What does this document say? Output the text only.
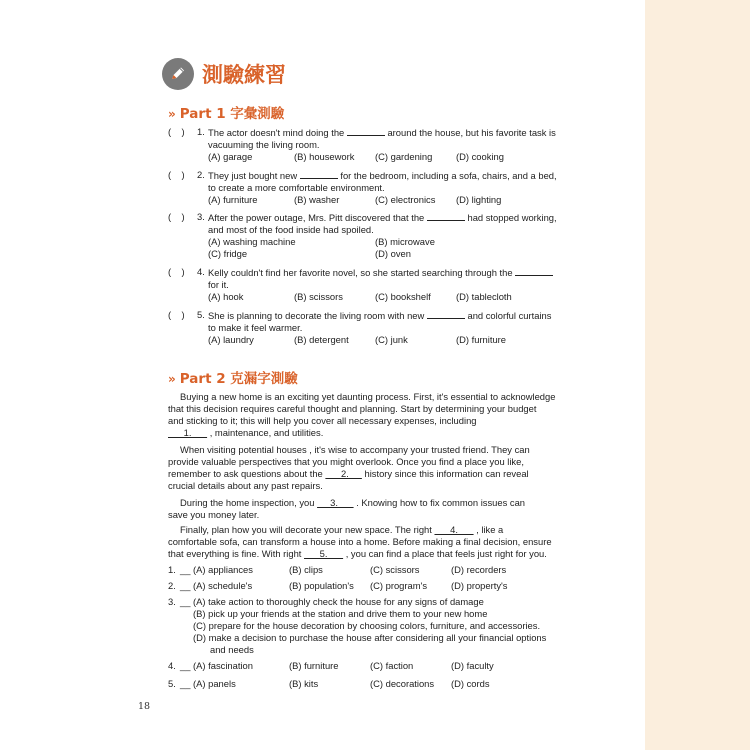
測驗練習
» Part 1 字彙測驗
(    )	1. The actor doesn't mind doing the	around the house, but his favorite task is
vacuuming the living room.
(A) garage	(B) housework	(C) gardening	(D) cooking
(    )	2. They just bought new	for the bedroom, including a sofa, chairs, and a bed,
to create a more comfortable environment.
(A) furniture	(B) washer	(C) electronics	(D) lighting
(    )	3. After the power outage, Mrs. Pitt discovered that the	had stopped working,
and most of the food inside had spoiled.
(A) washing machine	(B) microwave
(C) fridge	(D) oven
(    )	4. Kelly couldn't find her favorite novel, so she started searching through the
for it.
(A) hook	(B) scissors	(C) bookshelf	(D) tablecloth
(    )	5. She is planning to decorate the living room with new	and colorful curtains
to make it feel warmer.
(A) laundry	(B) detergent	(C) junk	(D) furniture
» Part 2 克漏字測驗
Buying a new home is an exciting yet daunting process. First, it's essential to acknowledge
that this decision requires careful thought and planning. Start by determining your budget
and sticking to it; this will help you cover all necessary expenses, including
1.       , maintenance, and utilities.
When visiting potential houses , it's wise to accompany your trusted friend. They can
provide valuable perspectives that you might overlook. Once you find a place you like,
remember to ask questions about the       2.      history since this information can reveal
crucial details about any past repairs.
During the home inspection, you      3.       . Knowing how to fix common issues can
save you money later.
Finally, plan how you will decorate your new space. The right       4.       , like a
comfortable sofa, can transform a house into a home. Before making a final decision, ensure
that everything is fine. With right       5.       , you can find a place that feels just right for you.
1. __ (A) appliances	(B) clips	(C) scissors	(D) recorders
2. __ (A) schedule's	(B) population's	(C) program's	(D) property's
3. __ (A) take action to thoroughly check the house for any signs of damage
(B) pick up your friends at the station and drive them to your new home
(C) prepare for the house decoration by choosing colors, furniture, and accessories.
(D) make a decision to purchase the house after considering all your financial options
and needs
4. __ (A) fascination	(B) furniture	(C) faction	(D) faculty
5. __ (A) panels	(B) kits	(C) decorations	(D) cords
18
